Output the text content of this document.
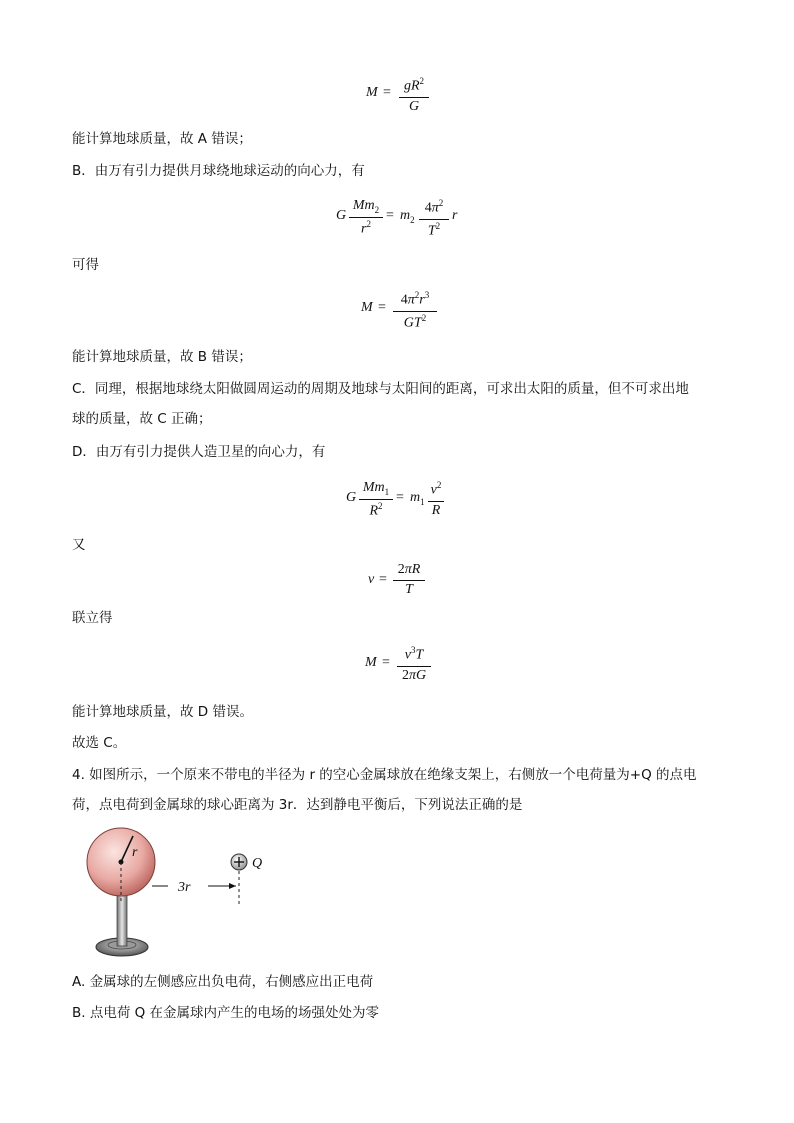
$M = gR^2$
G
能计算地球质量，故 A 错误；
B．由万有引力提供月球绕地球运动的向心力，有
G
$Mm_2$
$r^2$
= $m_2$
$4\pi^2$
$T^2$
r
可得
M =	$4\pi^2r^3$
$GT^2$
能计算地球质量，故 B 错误；
C．同理，根据地球绕太阳做圆周运动的周期及地球与太阳间的距离，可求出太阳的质量，但不可求出地
球的质量，故 C 正确；
D．由万有引力提供人造卫星的向心力，有
G
$Mm_1$
$R^2$
= $m_1$
$v^2$
R
又
v =
2πR
T
联立得
M =	$v^3T$
2πG
能计算地球质量，故 D 错误。
故选 C。
4. 如图所示，一个原来不带电的半径为 r 的空心金属球放在绝缘支架上，右侧放一个电荷量为+Q 的点电
荷，点电荷到金属球的球心距离为 3r．达到静电平衡后，下列说法正确的是
r
Q
3r
A. 金属球的左侧感应出负电荷，右侧感应出正电荷
B. 点电荷 Q 在金属球内产生的电场的场强处处为零
